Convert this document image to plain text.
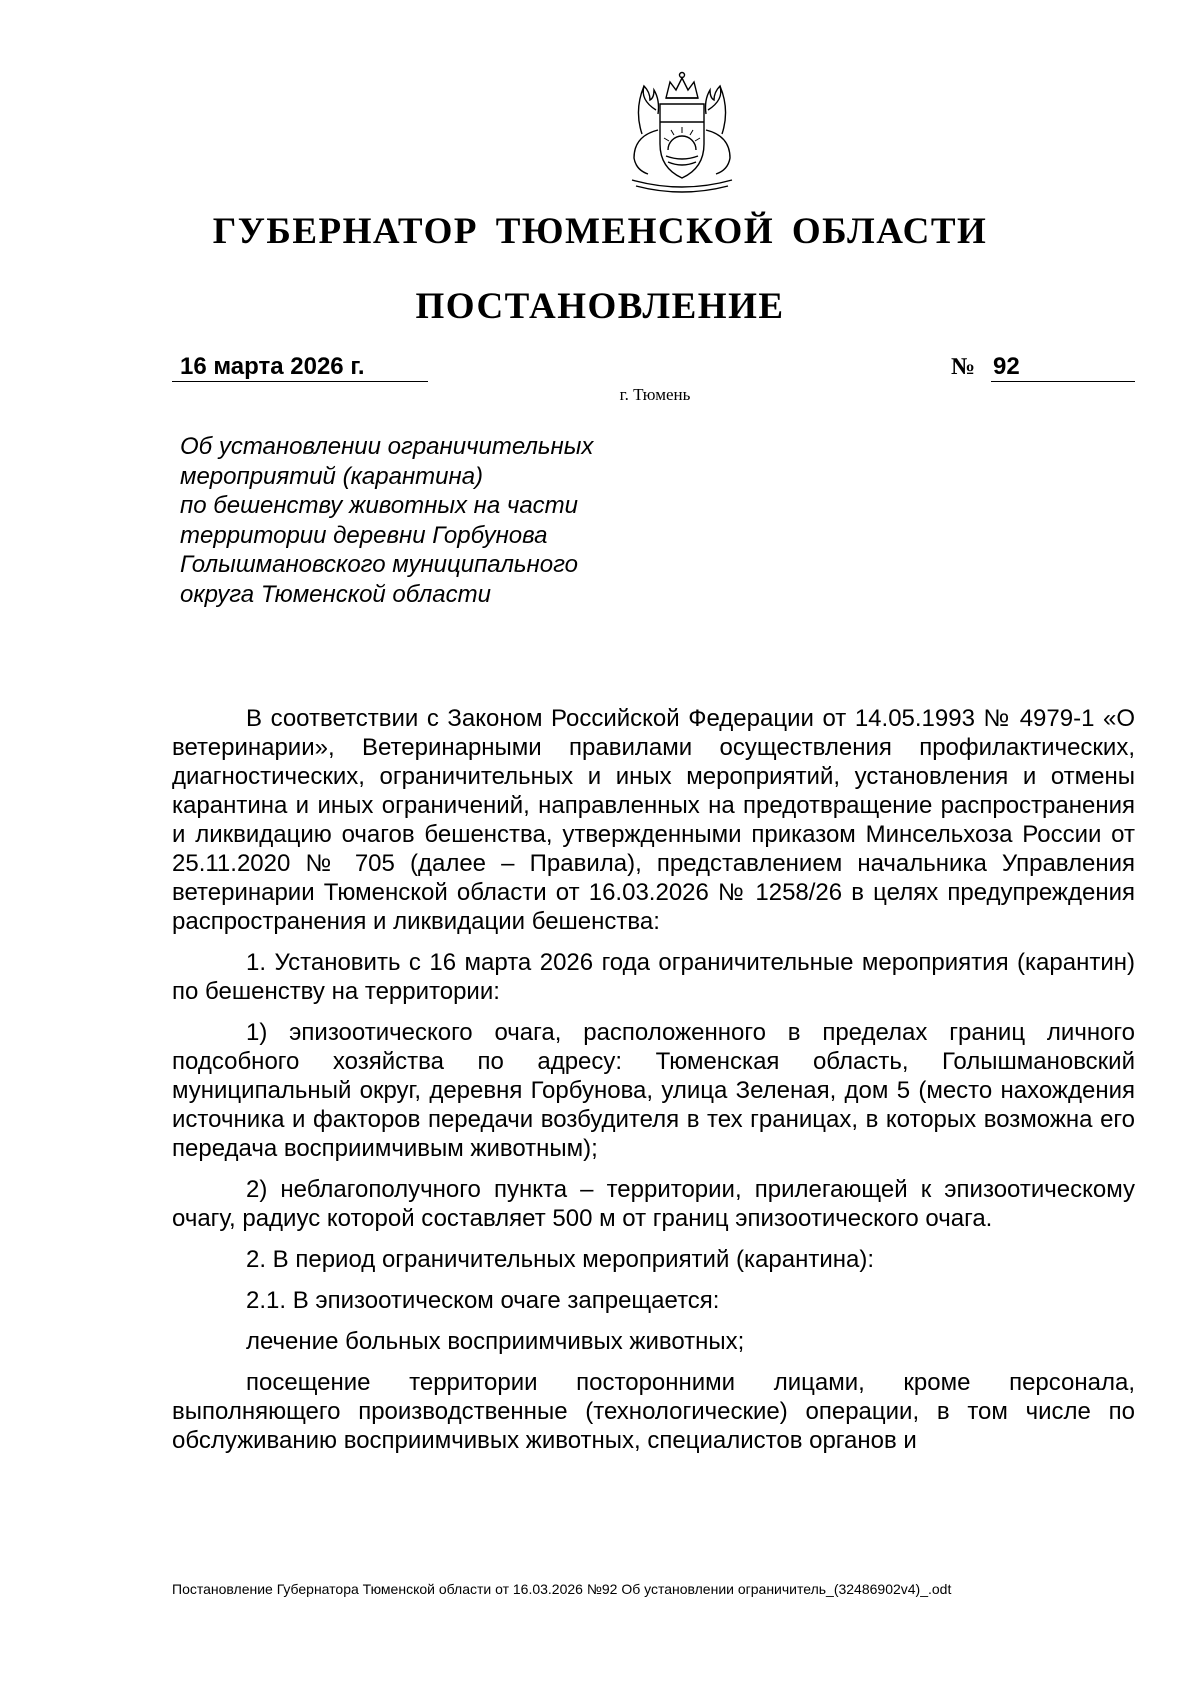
ГУБЕРНАТОР ТЮМЕНСКОЙ ОБЛАСТИ
ПОСТАНОВЛЕНИЕ
16 марта 2026 г.	№ 92
г. Тюмень
Об установлении ограничительных
мероприятий (карантина)
по бешенству животных на части
территории деревни Горбунова
Голышмановского муниципального
округа Тюменской области

В соответствии с Законом Российской Федерации от 14.05.1993 № 4979-1 «О ветеринарии», Ветеринарными правилами осуществления профилактических, диагностических, ограничительных и иных мероприятий, установления и отмены карантина и иных ограничений, направленных на предотвращение распространения и ликвидацию очагов бешенства, утвержденными приказом Минсельхоза России от 25.11.2020 № 705 (далее – Правила), представлением начальника Управления ветеринарии Тюменской области от 16.03.2026 № 1258/26 в целях предупреждения распространения и ликвидации бешенства:

1. Установить с 16 марта 2026 года ограничительные мероприятия (карантин) по бешенству на территории:

1) эпизоотического очага, расположенного в пределах границ личного подсобного хозяйства по адресу: Тюменская область, Голышмановский муниципальный округ, деревня Горбунова, улица Зеленая, дом 5 (место нахождения источника и факторов передачи возбудителя в тех границах, в которых возможна его передача восприимчивым животным);

2) неблагополучного пункта – территории, прилегающей к эпизоотическому очагу, радиус которой составляет 500 м от границ эпизоотического очага.

2. В период ограничительных мероприятий (карантина):

2.1. В эпизоотическом очаге запрещается:

лечение больных восприимчивых животных;

посещение территории посторонними лицами, кроме персонала, выполняющего производственные (технологические) операции, в том числе по обслуживанию восприимчивых животных, специалистов органов и

Постановление Губернатора Тюменской области от 16.03.2026 №92 Об установлении ограничитель_(32486902v4)_.odt
